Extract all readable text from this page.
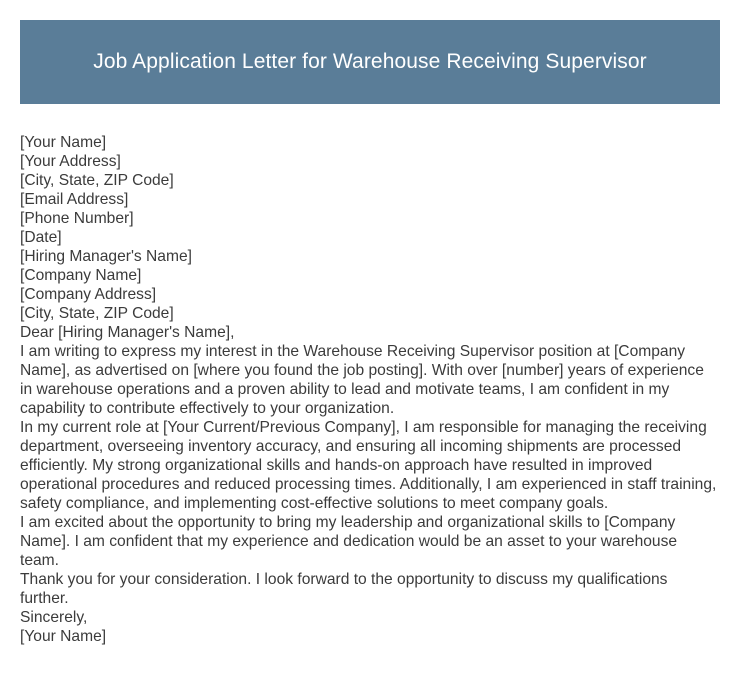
Job Application Letter for Warehouse Receiving Supervisor
[Your Name]
[Your Address]
[City, State, ZIP Code]
[Email Address]
[Phone Number]
[Date]
[Hiring Manager's Name]
[Company Name]
[Company Address]
[City, State, ZIP Code]
Dear [Hiring Manager's Name],
I am writing to express my interest in the Warehouse Receiving Supervisor position at [Company Name], as advertised on [where you found the job posting]. With over [number] years of experience in warehouse operations and a proven ability to lead and motivate teams, I am confident in my capability to contribute effectively to your organization.
In my current role at [Your Current/Previous Company], I am responsible for managing the receiving department, overseeing inventory accuracy, and ensuring all incoming shipments are processed efficiently. My strong organizational skills and hands-on approach have resulted in improved operational procedures and reduced processing times. Additionally, I am experienced in staff training, safety compliance, and implementing cost-effective solutions to meet company goals.
I am excited about the opportunity to bring my leadership and organizational skills to [Company Name]. I am confident that my experience and dedication would be an asset to your warehouse team.
Thank you for your consideration. I look forward to the opportunity to discuss my qualifications further.
Sincerely,
[Your Name]
